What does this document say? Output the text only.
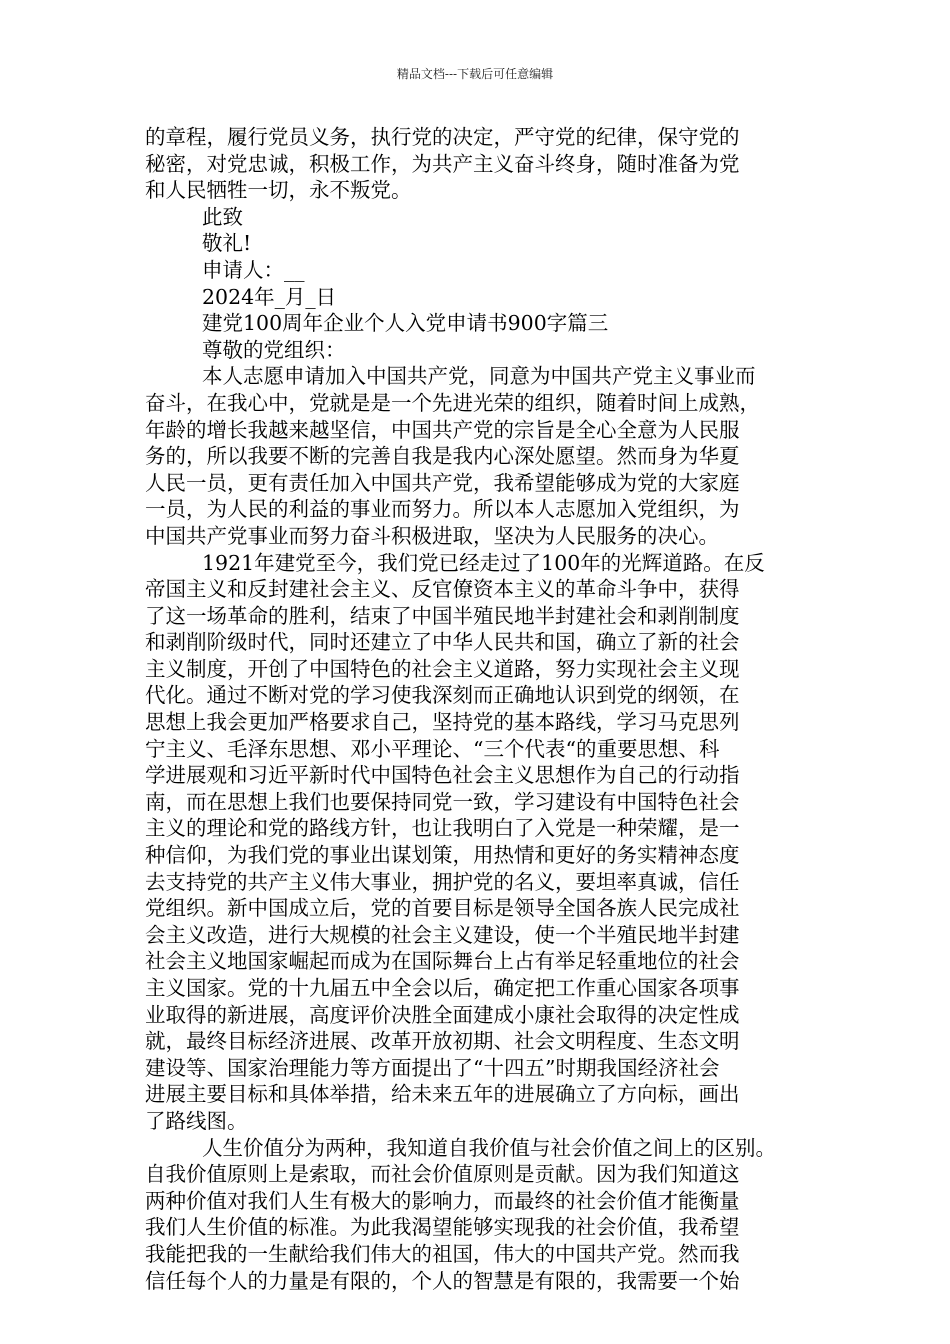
精品文档---下载后可任意编辑
的章程，履行党员义务，执行党的决定，严守党的纪律，保守党的
秘密，对党忠诚，积极工作，为共产主义奋斗终身，随时准备为党
和人民牺牲一切，永不叛党。
此致
敬礼!
申请人：__
2024年_月_日
建党100周年企业个人入党申请书900字篇三
尊敬的党组织：
本人志愿申请加入中国共产党，同意为中国共产党主义事业而
奋斗，在我心中，党就是是一个先进光荣的组织，随着时间上成熟，
年龄的增长我越来越坚信，中国共产党的宗旨是全心全意为人民服
务的，所以我要不断的完善自我是我内心深处愿望。然而身为华夏
人民一员，更有责任加入中国共产党，我希望能够成为党的大家庭
一员，为人民的利益的事业而努力。所以本人志愿加入党组织，为
中国共产党事业而努力奋斗积极进取，坚决为人民服务的决心。
1921年建党至今，我们党已经走过了100年的光辉道路。在反
帝国主义和反封建社会主义、反官僚资本主义的革命斗争中，获得
了这一场革命的胜利，结束了中国半殖民地半封建社会和剥削制度
和剥削阶级时代，同时还建立了中华人民共和国，确立了新的社会
主义制度，开创了中国特色的社会主义道路，努力实现社会主义现
代化。通过不断对党的学习使我深刻而正确地认识到党的纲领，在
思想上我会更加严格要求自己，坚持党的基本路线，学习马克思列
宁主义、毛泽东思想、邓小平理论、“三个代表“的重要思想、科
学进展观和习近平新时代中国特色社会主义思想作为自己的行动指
南，而在思想上我们也要保持同党一致，学习建设有中国特色社会
主义的理论和党的路线方针，也让我明白了入党是一种荣耀，是一
种信仰，为我们党的事业出谋划策，用热情和更好的务实精神态度
去支持党的共产主义伟大事业，拥护党的名义，要坦率真诚，信任
党组织。新中国成立后，党的首要目标是领导全国各族人民完成社
会主义改造，进行大规模的社会主义建设，使一个半殖民地半封建
社会主义地国家崛起而成为在国际舞台上占有举足轻重地位的社会
主义国家。党的十九届五中全会以后，确定把工作重心国家各项事
业取得的新进展，高度评价决胜全面建成小康社会取得的决定性成
就，最终目标经济进展、改革开放初期、社会文明程度、生态文明
建设等、国家治理能力等方面提出了“十四五”时期我国经济社会
进展主要目标和具体举措，给未来五年的进展确立了方向标，画出
了路线图。
人生价值分为两种，我知道自我价值与社会价值之间上的区别。
自我价值原则上是索取，而社会价值原则是贡献。因为我们知道这
两种价值对我们人生有极大的影响力，而最终的社会价值才能衡量
我们人生价值的标准。为此我渴望能够实现我的社会价值，我希望
我能把我的一生献给我们伟大的祖国，伟大的中国共产党。然而我
信任每个人的力量是有限的，个人的智慧是有限的，我需要一个始
